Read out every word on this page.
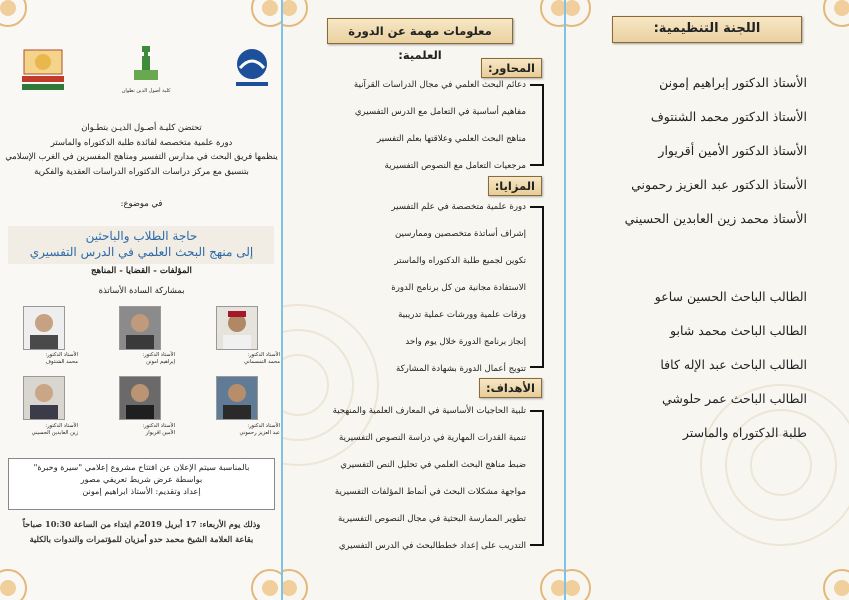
كلية أصول الدين تطوان
تحتضن كليـة أصـول الديـن بتطـوان
دورة علمية متخصصة لفائدة طلبة الدكتوراه والماستر
ينظمها فريق البحث في مدارس التفسير ومناهج المفسرين في الغرب الإسلامي
بتنسيق مع مركز دراسات الدكتوراه الدراسات العقدية والفكرية
في موضوع:
حاجة الطلاب والباحثين
إلى منهج البحث العلمي في الدرس التفسيري
المؤلفات - القضايا - المناهج
بمشاركة السادة الأساتذة
الأستاذ الدكتور:
محمد التمسماني
الأستاذ الدكتور:
إبراهيم امونن
الأستاذ الدكتور:
محمد الشنتوف
الأستاذ الدكتور:
عبد العزيز رحموني
الأستاذ الدكتور:
الأمين اقريوار
الأستاذ الدكتور:
زين العابدين الحسيني
بالمناسبة سيتم الإعلان عن افتتاح مشروع إعلامي "سيرة وخبرة"
بواسطة عرض شريط تعريفي مصور
إعداد وتقديم: الأستاذ ابراهيم إمونن
وذلك يوم الأربعاء: 17 أبريل 2019م ابتداء من الساعة 10:30 صباحاً
بقاعة العلامة الشيخ محمد حدو أمزيان للمؤتمرات والندوات بالكلية
معلومات مهمة عن الدورة العلمية:
المحاور:
دعائم البحث العلمي في مجال الدراسات القرآنية
مفاهيم أساسية في التعامل مع الدرس التفسيري
مناهج البحث العلمي وعلاقتها بعلم التفسير
مرجعيات التعامل مع النصوص التفسيرية
المزايا:
دورة علمية متخصصة في علم التفسير
إشراف أساتذة متخصصين وممارسين
تكوين لجميع طلبة الدكتوراه والماستر
الاستفادة مجانية من كل برنامج الدورة
ورقات علمية وورشات عملية تدريبية
إنجاز برنامج الدورة خلال يوم واحد
تتويج أعمال الدورة بشهادة المشاركة
الأهداف:
تلبية الحاجيات الأساسية في المعارف العلمية والمنهجية
تنمية القدرات المهارية في دراسة النصوص التفسيرية
ضبط مناهج البحث العلمي في تحليل النص التفسيري
مواجهة مشكلات البحث في أنماط المؤلفات التفسيرية
تطوير الممارسة البحثية في مجال النصوص التفسيرية
التدريب على إعداد خططالبحث في الدرس التفسيري
اللجنة التنظيمية:
الأستاذ الدكتور إبراهيم إمونن
الأستاذ الدكتور محمد الشنتوف
الأستاذ الدكتور الأمين أقريوار
الأستاذ الدكتور عبد العزيز رحموني
الأستاذ محمد زين العابدين الحسيني
الطالب الباحث الحسين ساعو
الطالب الباحث محمد شابو
الطالب الباحث عبد الإله كافا
الطالب الباحث عمر حلوشي
طلبة الدكتوراه والماستر
